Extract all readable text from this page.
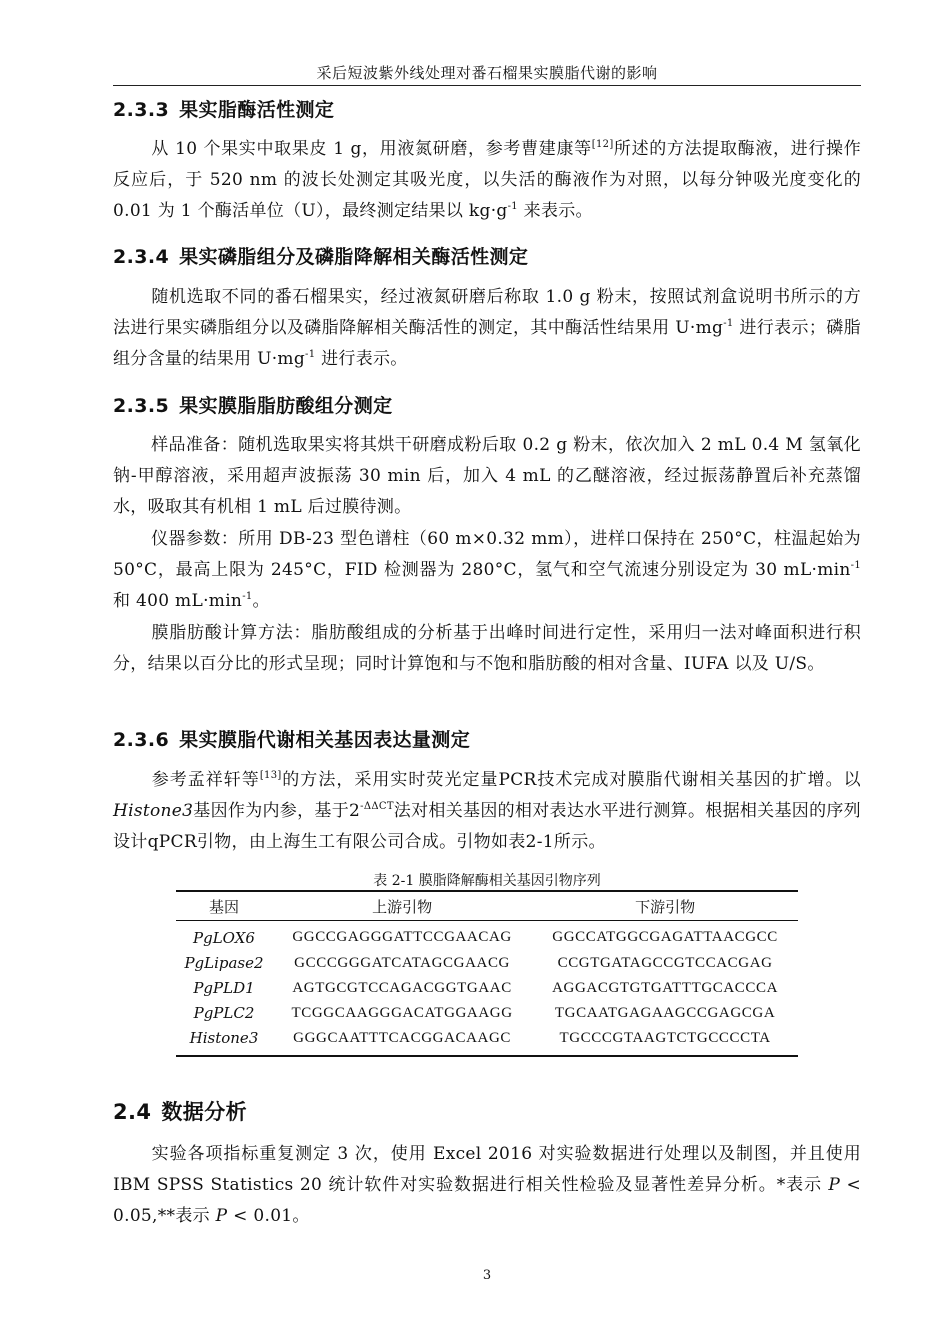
采后短波紫外线处理对番石榴果实膜脂代谢的影响
2.3.3 果实脂酶活性测定

从 10 个果实中取果皮 1 g，用液氮研磨，参考曹建康等[12]所述的方法提取酶液，进行操作反应后，于 520 nm 的波长处测定其吸光度，以失活的酶液作为对照，以每分钟吸光度变化的 0.01 为 1 个酶活单位（U），最终测定结果以 $kg\cdot g^{-1}$ 来表示。

2.3.4 果实磷脂组分及磷脂降解相关酶活性测定

随机选取不同的番石榴果实，经过液氮研磨后称取 1.0 g 粉末，按照试剂盒说明书所示的方法进行果实磷脂组分以及磷脂降解相关酶活性的测定，其中酶活性结果用 $U\cdot mg^{-1}$ 进行表示；磷脂组分含量的结果用 $U\cdot mg^{-1}$ 进行表示。

2.3.5 果实膜脂脂肪酸组分测定

样品准备：随机选取果实将其烘干研磨成粉后取 0.2 g 粉末，依次加入 2 mL 0.4 M 氢氧化钠-甲醇溶液，采用超声波振荡 30 min 后，加入 4 mL 的乙醚溶液，经过振荡静置后补充蒸馏水，吸取其有机相 1 mL 后过膜待测。

仪器参数：所用 DB-23 型色谱柱（60 m×0.32 mm），进样口保持在 250°C，柱温起始为 50°C，最高上限为 245°C，FID 检测器为 280°C，氢气和空气流速分别设定为 30 $mL\cdot\min^{-1}$ 和 400 $mL\cdot\min^{-1}$。

膜脂肪酸计算方法：脂肪酸组成的分析基于出峰时间进行定性，采用归一法对峰面积进行积分，结果以百分比的形式呈现；同时计算饱和与不饱和脂肪酸的相对含量、IUFA 以及 U/S。

2.3.6 果实膜脂代谢相关基因表达量测定

参考孟祥轩等[13]的方法，采用实时荧光定量PCR技术完成对膜脂代谢相关基因的扩增。以Histone3基因作为内参，基于$2^{-\Delta\Delta CT}$法对相关基因的相对表达水平进行测算。根据相关基因的序列设计qPCR引物，由上海生工有限公司合成。引物如表2-1所示。

表 2-1 膜脂降解酶相关基因引物序列
基因	上游引物	下游引物
PgLOX6	GGCCGAGGGATTCCGAACAG	GGCCATGGCGAGATTAACGCC
PgLipase2	GCCCGGGATCATAGCGAACG	CCGTGATAGCCGTCCACGAG
PgPLD1	AGTGCGTCCAGACGGTGAAC	AGGACGTGTGATTTGCACCCA
PgPLC2	TCGGCAAGGGACATGGAAGG	TGCAATGAGAAGCCGAGCGA
Histone3	GGGCAATTTCACGGACAAGC	TGCCCGTAAGTCTGCCCCTA
2.4 数据分析

实验各项指标重复测定 3 次，使用 Excel 2016 对实验数据进行处理以及制图，并且使用 IBM SPSS Statistics 20 统计软件对实验数据进行相关性检验及显著性差异分析。*表示 P < 0.05,**表示 P < 0.01。

3
